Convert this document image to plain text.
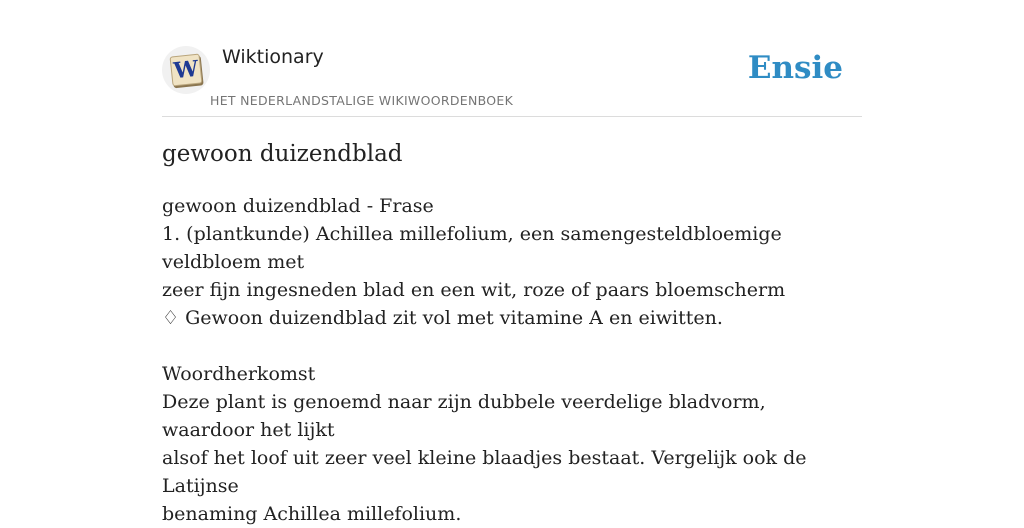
W Wiktionary
HET NEDERLANDSTALIGE WIKIWOORDENBOEK
Ensie
gewoon duizendblad

gewoon duizendblad - Frase

1. (plantkunde) Achillea millefolium, een samengesteldbloemige veldbloem met

zeer fijn ingesneden blad en een wit, roze of paars bloemscherm

♢ Gewoon duizendblad zit vol met vitamine A en eiwitten.

Woordherkomst

Deze plant is genoemd naar zijn dubbele veerdelige bladvorm, waardoor het lijkt

alsof het loof uit zeer veel kleine blaadjes bestaat. Vergelijk ook de Latijnse

benaming Achillea millefolium.
